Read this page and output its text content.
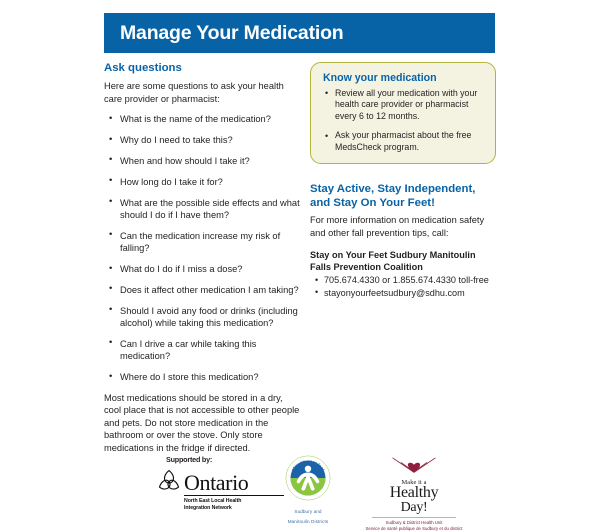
Manage Your Medication
Ask questions

Here are some questions to ask your health care provider or pharmacist:

• What is the name of the medication?
• Why do I need to take this?
• When and how should I take it?
• How long do I take it for?
• What are the possible side effects and what should I do if I have them?
• Can the medication increase my risk of falling?
• What do I do if I miss a dose?
• Does it affect other medication I am taking?
• Should I avoid any food or drinks (including alcohol) while taking this medication?
• Can I drive a car while taking this medication?
• Where do I store this medication?

Most medications should be stored in a dry, cool place that is not accessible to other people and pets. Do not store medication in the bathroom or over the stove. Only store medications in the fridge if directed.

Know your medication
• Review all your medication with your health care provider or pharmacist every 6 to 12 months.
• Ask your pharmacist about the free MedsCheck program.
Stay Active, Stay Independent, and Stay On Your Feet!

For more information on medication safety and other fall prevention tips, call:

Stay on Your Feet Sudbury Manitoulin Falls Prevention Coalition

• 705.674.4330 or 1.855.674.4330 toll-free
• stayonyourfeetsudbury@sdhu.com
Supported by:
Ontario
North East Local Health
Integration Network
stay on your feet
debout de pied ferme
Sudbury and
Manitoulin Districts
Make it a
Healthy
Day!
Sudbury & District Health Unit
Service de santé publique de Sudbury et du district
